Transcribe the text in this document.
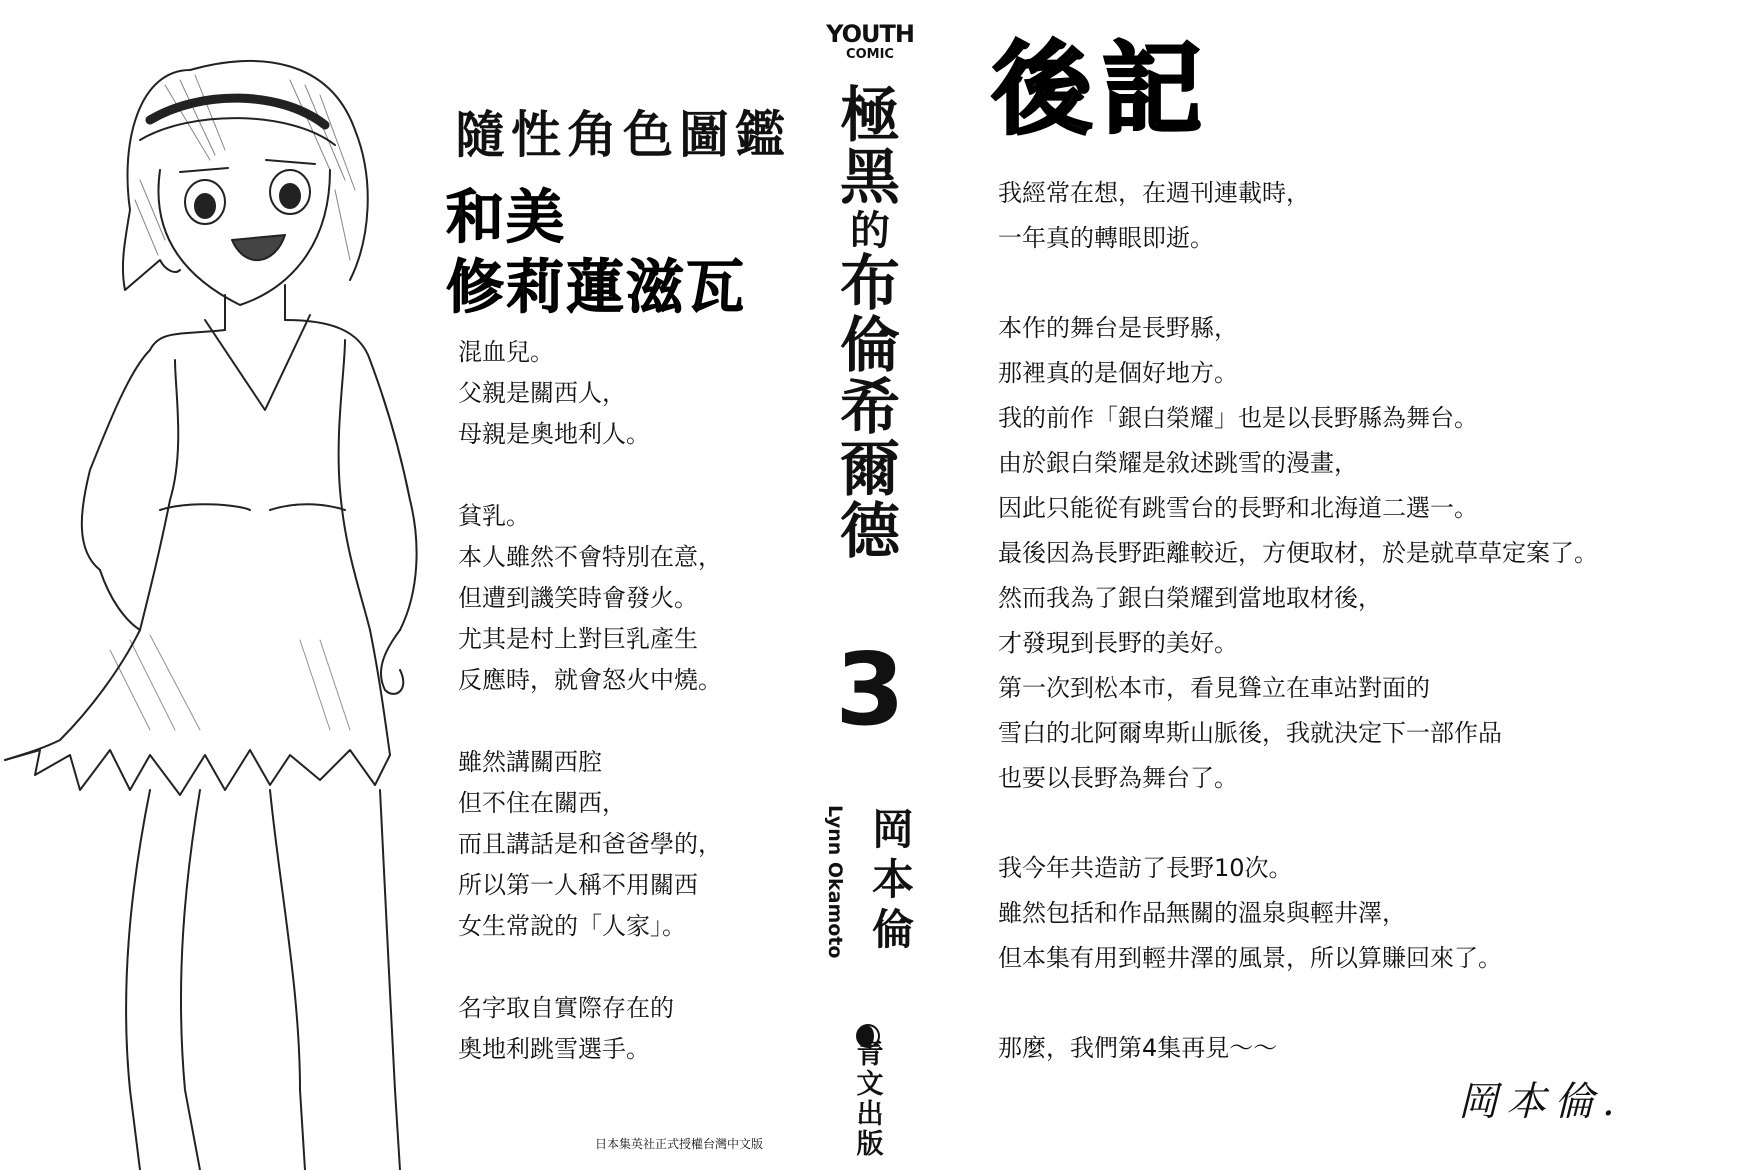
隨性角色圖鑑
和美
修莉蓮滋瓦
混血兒。
父親是關西人，
母親是奧地利人。
貧乳。
本人雖然不會特別在意，
但遭到譏笑時會發火。
尤其是村上對巨乳產生
反應時，就會怒火中燒。
雖然講關西腔
但不住在關西，
而且講話是和爸爸學的，
所以第一人稱不用關西
女生常說的「人家」。
名字取自實際存在的
奧地利跳雪選手。
日本集英社正式授權台灣中文版
YOUTH
COMIC
極
黑
的
布
倫
希
爾
德
3
Lynn Okamoto 岡
本
倫
青
文
出
版
後記
我經常在想，在週刊連載時，
一年真的轉眼即逝。
本作的舞台是長野縣，
那裡真的是個好地方。
我的前作「銀白榮耀」也是以長野縣為舞台。
由於銀白榮耀是敘述跳雪的漫畫，
因此只能從有跳雪台的長野和北海道二選一。
最後因為長野距離較近，方便取材，於是就草草定案了。
然而我為了銀白榮耀到當地取材後，
才發現到長野的美好。
第一次到松本市，看見聳立在車站對面的
雪白的北阿爾卑斯山脈後，我就決定下一部作品
也要以長野為舞台了。
我今年共造訪了長野10次。
雖然包括和作品無關的溫泉與輕井澤，
但本集有用到輕井澤的風景，所以算賺回來了。
那麼，我們第4集再見～～
岡本倫.
